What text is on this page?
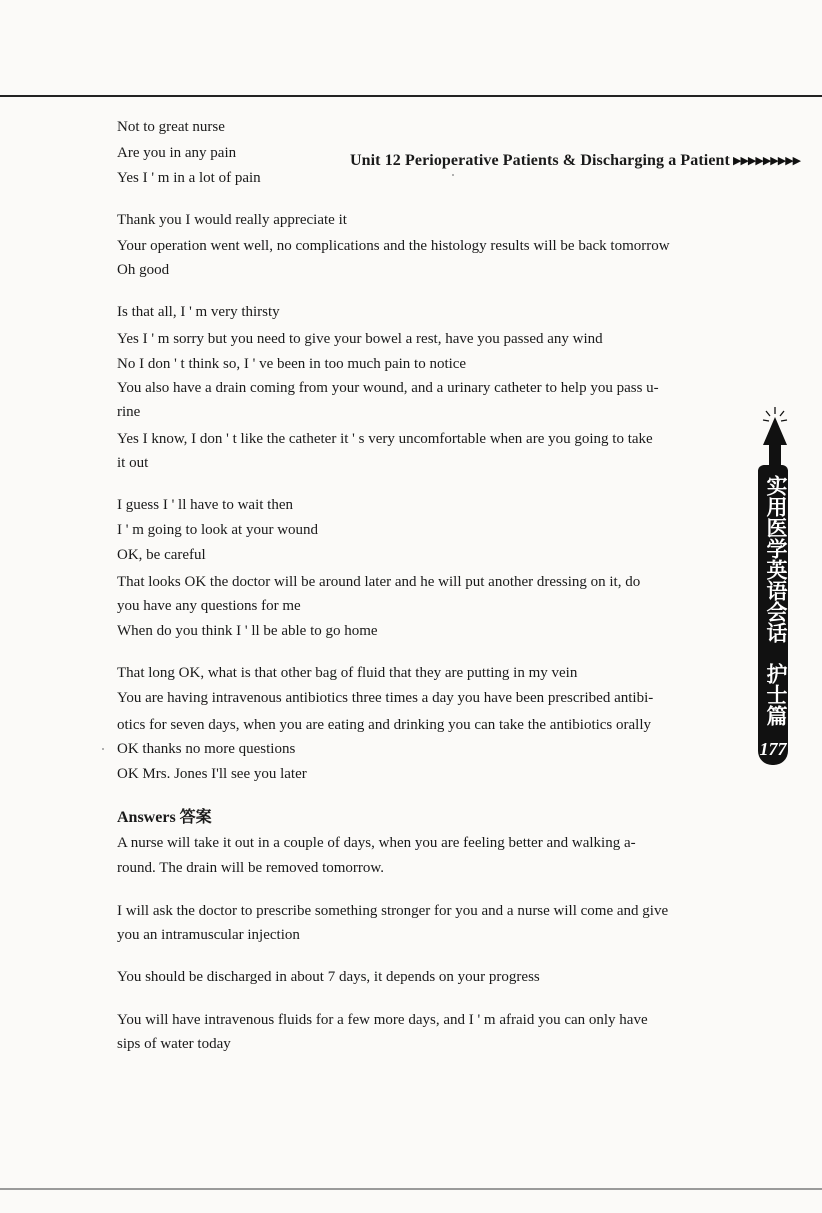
Unit 12 Perioperative Patients & Discharging a Patient ▶▶▶▶▶▶▶▶▶
Not to great nurse
Are you in any pain
Yes I ' m in a lot of pain
Thank you I would really appreciate it
Your operation went well, no complications and the histology results will be back tomorrow
Oh good
Is that all, I ' m very thirsty
Yes I ' m sorry but you need to give your bowel a rest, have you passed any wind
No I don ' t think so, I ' ve been in too much pain to notice
You also have a drain coming from your wound, and a urinary catheter to help you pass u-
rine
Yes I know, I don ' t like the catheter it ' s very uncomfortable when are you going to take
it out
I guess I ' ll have to wait then
I ' m going to look at your wound
OK, be careful
That looks OK the doctor will be around later and he will put another dressing on it, do
you have any questions for me
When do you think I ' ll be able to go home
That long OK, what is that other bag of fluid that they are putting in my vein
You are having intravenous antibiotics three times a day you have been prescribed antibi-
otics for seven days, when you are eating and drinking you can take the antibiotics orally
OK thanks no more questions
OK Mrs. Jones I'll see you later
Answers 答案
A nurse will take it out in a couple of days, when you are feeling better and walking a-
round. The drain will be removed tomorrow.
I will ask the doctor to prescribe something stronger for you and a nurse will come and give
you an intramuscular injection
You should be discharged in about 7 days, it depends on your progress
You will have intravenous fluids for a few more days, and I ' m afraid you can only have
sips of water today
实用医学英语会话
护士篇
177
